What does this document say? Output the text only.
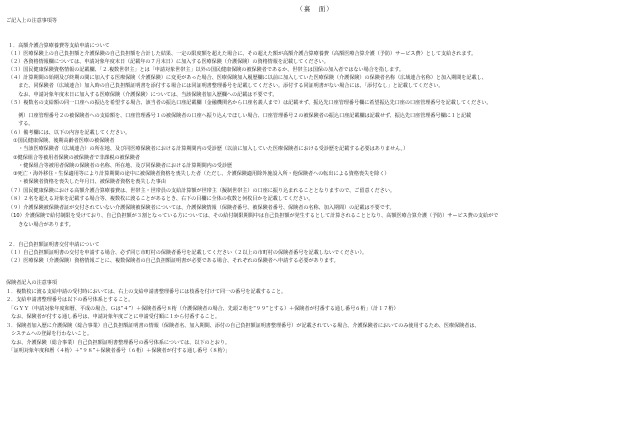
（裏　面）
ご記入上の注意事項等
１．高額介護合算療養費等支給申請について
（１）医療保険上の自己負担額と介護保険の自己負担額を合計した結果、一定の限度額を超えた場合に、その超えた額が高額介護合算療養費（高額医療合算介護（予防）サービス費）として支給されます。
（２）各資格情報欄については、申請対象年度末日（記載年の７月末日）に加入する医療保険（介護保険）の資格情報を記載してください。
（３）国民健康保険資格情報の記載欄、「２.複数世帯主」とは「申請対象世帯主」以外の国民健康保険の被保険者であるか、世帯主は国保の加入者ではない場合を指します。
（４）計算期間の始期及び終期の間に加入する医療保険（介護保険）に変更があった場合、医療保険加入履歴欄に以前に加入していた医療保険（介護保険）の保険者名称（広域連合名称）と加入期間を記載し、
　　また、同保険者（広域連合）加入時の自己負担額証明書を添付する場合には同証明書整理番号を記載してください。添付する同証明書がない場合には、「添付なし」と記載してください。
　　なお、申請対象年度末日に加入する医療保険（介護保険）については、当該保険者加入歴欄への記載は不要です。
（５）複数名の支給額の同一口座への振込を希望する場合、該当者の振込口座記載欄（金融機関名から口座名義人まで）は記載せず、振込先口座管理番号欄に希望振込先口座の口座管理番号を記載してください。
　　例）口座管理番号２の被保険者への支給額を、口座管理番号１の被保険者の口座へ振り込んでほしい場合、口座管理番号２の被保険者の振込口座記載欄は記載せず、振込先口座管理番号欄に１と記載
　　する。
（６）備考欄には、以下の内容を記載してください。
　①国民健康保険、後期高齢者医療の被保険者
　　・当該医療保険者（広域連合）の所在地、及び同医療保険者における計算期間内の受診歴（以前に加入していた医療保険者における受診歴を記載する必要はありません。）
　②健保組合等被用者保険の被保険者で非課税の被保険者
　　・健保組合等被用者保険の保険者の名称、所在地、及び同保険者における計算期間内の受診歴
　③死亡・海外移住・生保適用等により計算期間の途中に被保険者資格を喪失した者（ただし、介護保険適用除外施設入所・他保険者への転出による資格喪失を除く）
　　・被保険者資格を喪失した年月日、被保険者資格を喪失した事由
（７）国民健康保険における高額介護合算療養費は、世帯主・世帯員の支給計算額が世帯主（擬制世帯主）の口座に振り込まれることとなりますので、ご留意ください。
（８）２名を超える対象を記載する場合等、複数枚に渡ることがあるとき、右下の目欄に全体の枚数と何枚目かを記載してください。
（９）介護保険被保険者証が交付されていない介護保険被保険者については、介護保険情報（保険者番号、被保険者番号、保険者の名称、加入期間）の記載は不要です。
（10）介護保険で給付制限を受けており、自己負担額が３割となっている方については、その給付制限期間中は自己負担額が発生するとして計算されることとなり、高額医療合算介護（予防）サービス費の支給がで
　　きない場合があります。
２．自己負担額証明書交付申請について
（１）自己負担額証明書の交付を申請する場合、必ず同じ市町村の保険者番号を記載してください（２以上の市町村の保険者番号を記載しないでください）。
（２）医療保険（介護保険）資格情報ごとに、複数保険者の自己負担額証明書が必要である場合、それぞれの保険者へ申請する必要があります。
保険者記入の注意事項
１．複数枚に渡る支給申請の受付時においては、右上の支給申請書整理番号には枝番を付けて同一の番号を記載すること。
２．支給申請書整理番号は以下の番号体系とすること。
　「ＧＹＹ（申請対象年度和暦、平成の場合、Ｇは“４”）＋保険者番号８桁（介護保険者の場合、先頭２桁を“９９”とする）＋保険者が付番する通し番号６桁」（計１７桁）
　なお、保険者が付する通し番号は、申請対象年度ごとに申請受付順に１から付番すること。
３．保険者加入歴に介護保険（総合事業）自己負担額証明書の情報（保険者名、加入期間、添付の自己負担額証明書整理番号）が記載されている場合、介護保険者においてのみ使用するため、医療保険者は、
　システムへの登録を行わないこと。
　なお、介護保険（総合事業）自己負担額証明書整理番号の番号体系については、以下のとおり。
　「証明対象年度和暦（４桁）＋“９８”＋保険者番号（６桁）＋保険者が付する通し番号（８桁）」
